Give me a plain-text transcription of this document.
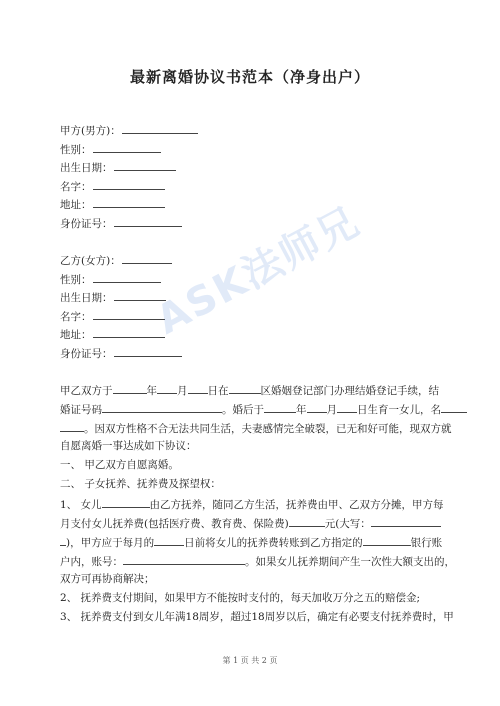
最新离婚协议书范本（净身出户）
甲方(男方)：
性别：
出生日期：
名字：
地址：
身份证号：
乙方(女方)：
性别：
出生日期：
名字：
地址：
身份证号：
ASK法师兄
甲乙双方于	年 月 日在	区婚姻登记部门办理结婚登记手续，结
婚证号码	。婚后于	年 月 日生育一女儿，名
。因双方性格不合无法共同生活，夫妻感情完全破裂，已无和好可能，现双方就
自愿离婚一事达成如下协议：
一、 甲乙双方自愿离婚。
二、 子女抚养、抚养费及探望权：
1、 女儿	由乙方抚养，随同乙方生活，抚养费由甲、乙双方分摊，甲方每
月支付女儿抚养费(包括医疗费、教育费、保险费)	元(大写：
)，甲方应于每月的	日前将女儿的抚养费转账到乙方指定的	银行账
户内，账号：	。如果女儿抚养期间产生一次性大额支出的，
双方可再协商解决；
2、 抚养费支付期间，如果甲方不能按时支付的，每天加收万分之五的赔偿金;
3、 抚养费支付到女儿年满18周岁，超过18周岁以后，确定有必要支付抚养费时，甲
第 1 页 共 2 页
